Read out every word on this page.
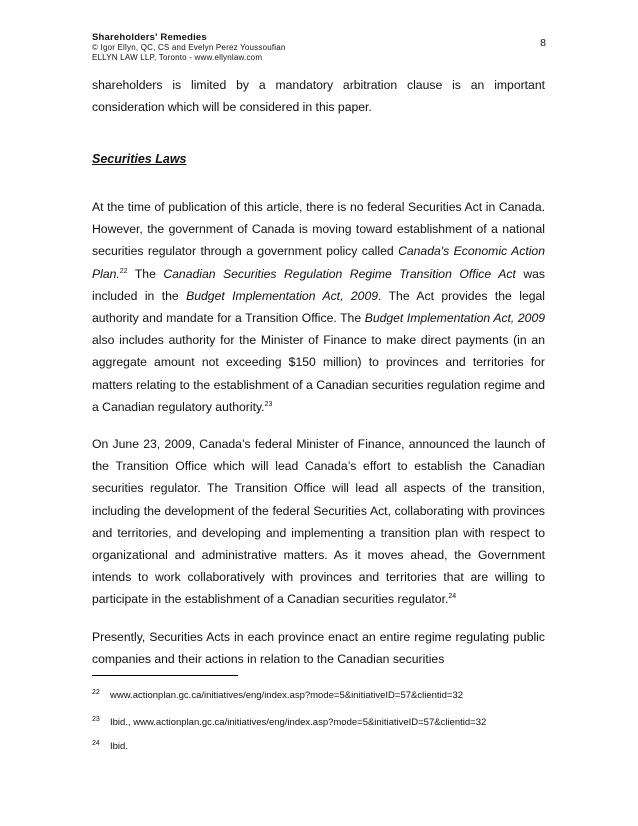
Shareholders' Remedies
© Igor Ellyn, QC, CS and Evelyn Perez Youssoufian
ELLYN LAW LLP, Toronto - www.ellynlaw.com
8
shareholders is limited by a mandatory arbitration clause is an important consideration which will be considered in this paper.
Securities Laws
At the time of publication of this article, there is no federal Securities Act in Canada. However, the government of Canada is moving toward establishment of a national securities regulator through a government policy called Canada's Economic Action Plan.$^{22}$ The Canadian Securities Regulation Regime Transition Office Act was included in the Budget Implementation Act, 2009. The Act provides the legal authority and mandate for a Transition Office. The Budget Implementation Act, 2009 also includes authority for the Minister of Finance to make direct payments (in an aggregate amount not exceeding $150 million) to provinces and territories for matters relating to the establishment of a Canadian securities regulation regime and a Canadian regulatory authority.$^{23}$
On June 23, 2009, Canada’s federal Minister of Finance, announced the launch of the Transition Office which will lead Canada’s effort to establish the Canadian securities regulator. The Transition Office will lead all aspects of the transition, including the development of the federal Securities Act, collaborating with provinces and territories, and developing and implementing a transition plan with respect to organizational and administrative matters. As it moves ahead, the Government intends to work collaboratively with provinces and territories that are willing to participate in the establishment of a Canadian securities regulator.$^{24}$
Presently, Securities Acts in each province enact an entire regime regulating public companies and their actions in relation to the Canadian securities
22 www.actionplan.gc.ca/initiatives/eng/index.asp?mode=5&initiativeID=57&clientid=32
23 Ibid., www.actionplan.gc.ca/initiatives/eng/index.asp?mode=5&initiativeID=57&clientid=32
24 Ibid.
